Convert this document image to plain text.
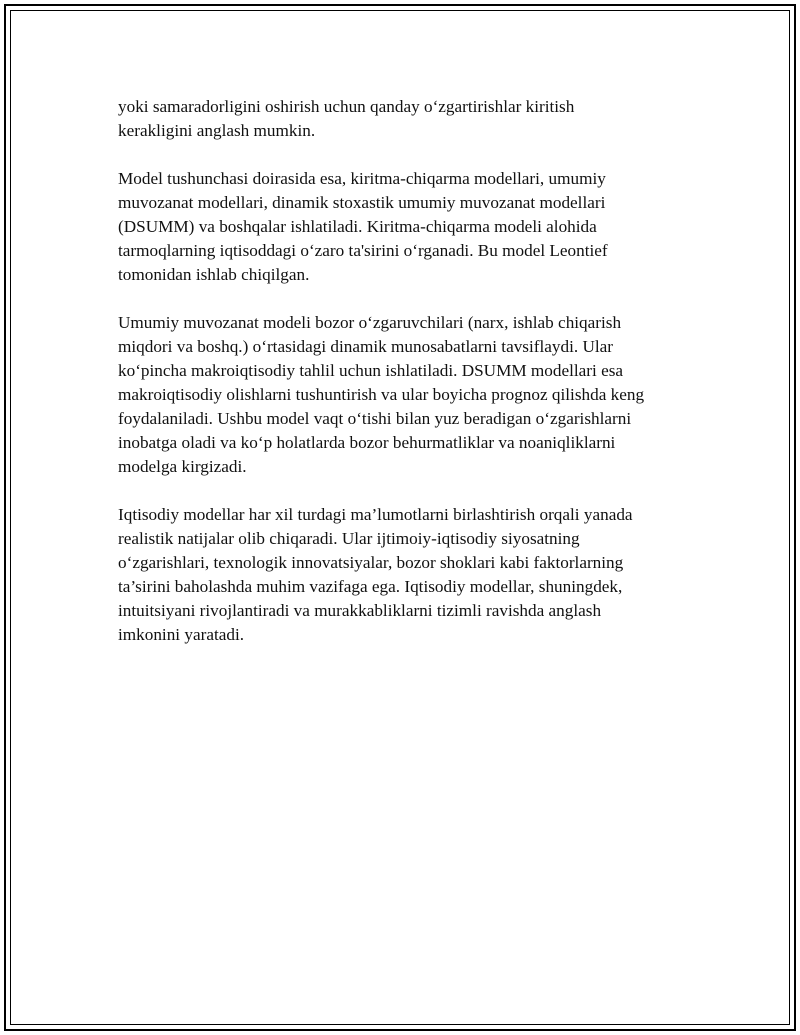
yoki samaradorligini oshirish uchun qanday o‘zgartirishlar kiritish
kerakligini anglash mumkin.

Model tushunchasi doirasida esa, kiritma-chiqarma modellari, umumiy
muvozanat modellari, dinamik stoxastik umumiy muvozanat modellari
(DSUMM) va boshqalar ishlatiladi. Kiritma-chiqarma modeli alohida
tarmoqlarning iqtisoddagi o‘zaro ta'sirini o‘rganadi. Bu model Leontief
tomonidan ishlab chiqilgan.

Umumiy muvozanat modeli bozor o‘zgaruvchilari (narx, ishlab chiqarish
miqdori va boshq.) o‘rtasidagi dinamik munosabatlarni tavsiflaydi. Ular
ko‘pincha makroiqtisodiy tahlil uchun ishlatiladi. DSUMM modellari esa
makroiqtisodiy olishlarni tushuntirish va ular boyicha prognoz qilishda keng
foydalaniladi. Ushbu model vaqt o‘tishi bilan yuz beradigan o‘zgarishlarni
inobatga oladi va ko‘p holatlarda bozor behurmatliklar va noaniqliklarni
modelga kirgizadi.

Iqtisodiy modellar har xil turdagi ma’lumotlarni birlashtirish orqali yanada
realistik natijalar olib chiqaradi. Ular ijtimoiy-iqtisodiy siyosatning
o‘zgarishlari, texnologik innovatsiyalar, bozor shoklari kabi faktorlarning
ta’sirini baholashda muhim vazifaga ega. Iqtisodiy modellar, shuningdek,
intuitsiyani rivojlantiradi va murakkabliklarni tizimli ravishda anglash
imkonini yaratadi.
